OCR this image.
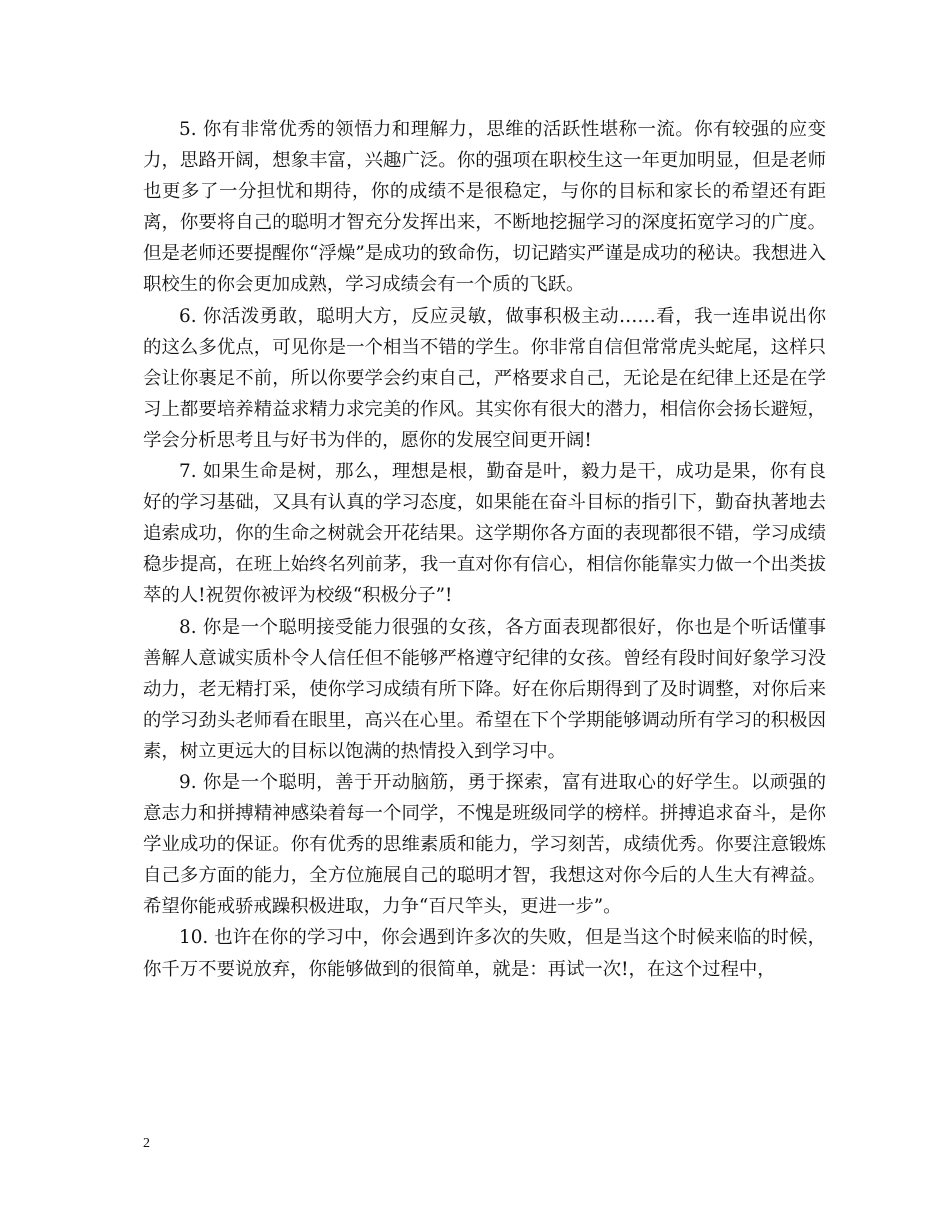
5. 你有非常优秀的领悟力和理解力，思维的活跃性堪称一流。你有较强的应变力，思路开阔，想象丰富，兴趣广泛。你的强项在职校生这一年更加明显，但是老师也更多了一分担忧和期待，你的成绩不是很稳定，与你的目标和家长的希望还有距离，你要将自己的聪明才智充分发挥出来，不断地挖掘学习的深度拓宽学习的广度。但是老师还要提醒你“浮燥”是成功的致命伤，切记踏实严谨是成功的秘诀。我想进入职校生的你会更加成熟，学习成绩会有一个质的飞跃。

6. 你活泼勇敢，聪明大方，反应灵敏，做事积极主动……看，我一连串说出你的这么多优点，可见你是一个相当不错的学生。你非常自信但常常虎头蛇尾，这样只会让你裹足不前，所以你要学会约束自己，严格要求自己，无论是在纪律上还是在学习上都要培养精益求精力求完美的作风。其实你有很大的潜力，相信你会扬长避短，学会分析思考且与好书为伴的，愿你的发展空间更开阔!

7. 如果生命是树，那么，理想是根，勤奋是叶，毅力是干，成功是果，你有良好的学习基础，又具有认真的学习态度，如果能在奋斗目标的指引下，勤奋执著地去追索成功，你的生命之树就会开花结果。这学期你各方面的表现都很不错，学习成绩稳步提高，在班上始终名列前茅，我一直对你有信心，相信你能靠实力做一个出类拔萃的人!祝贺你被评为校级“积极分子”!

8. 你是一个聪明接受能力很强的女孩，各方面表现都很好，你也是个听话懂事善解人意诚实质朴令人信任但不能够严格遵守纪律的女孩。曾经有段时间好象学习没动力，老无精打采，使你学习成绩有所下降。好在你后期得到了及时调整，对你后来的学习劲头老师看在眼里，高兴在心里。希望在下个学期能够调动所有学习的积极因素，树立更远大的目标以饱满的热情投入到学习中。

9. 你是一个聪明，善于开动脑筋，勇于探索，富有进取心的好学生。以顽强的意志力和拼搏精神感染着每一个同学，不愧是班级同学的榜样。拼搏追求奋斗，是你学业成功的保证。你有优秀的思维素质和能力，学习刻苦，成绩优秀。你要注意锻炼自己多方面的能力，全方位施展自己的聪明才智，我想这对你今后的人生大有裨益。希望你能戒骄戒躁积极进取，力争“百尺竿头，更进一步”。

10. 也许在你的学习中，你会遇到许多次的失败，但是当这个时候来临的时候，你千万不要说放弃，你能够做到的很简单，就是：再试一次!，在这个过程中，

2
